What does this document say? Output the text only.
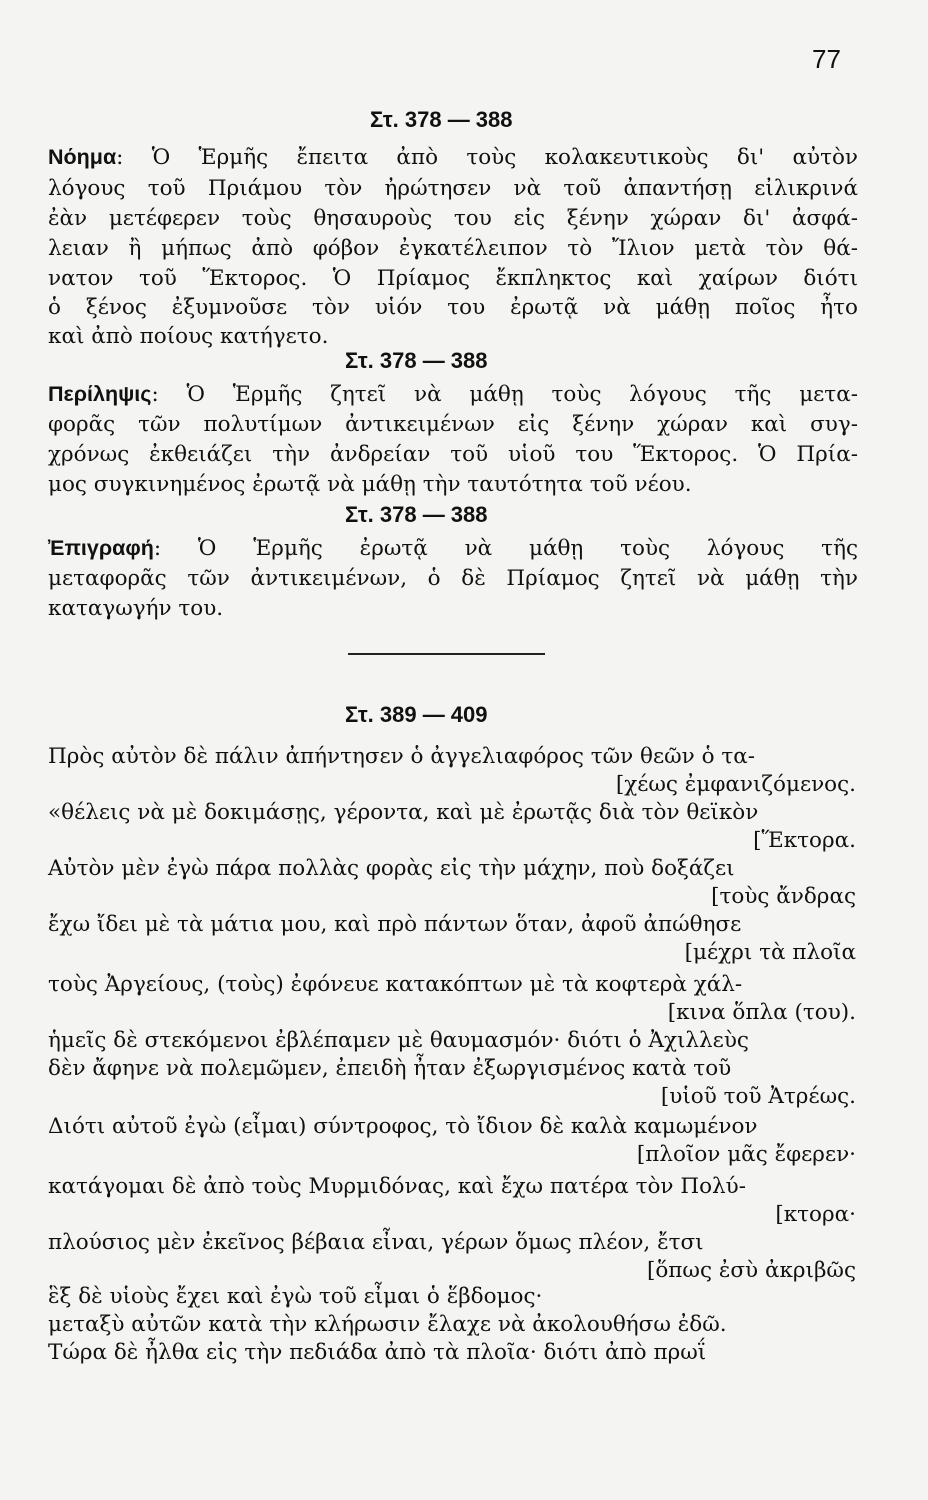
77
Στ. 378 — 388
Νόημα: Ὁ Ἑρμῆς ἔπειτα ἀπὸ τοὺς κολακευτικοὺς δι' αὐτὸν
λόγους τοῦ Πριάμου τὸν ἠρώτησεν νὰ τοῦ ἀπαντήσῃ εἰλικρινά
ἐὰν μετέφερεν τοὺς θησαυροὺς του εἰς ξένην χώραν δι' ἀσφά-
λειαν ἢ μήπως ἀπὸ φόβον ἐγκατέλειπον τὸ Ἴλιον μετὰ τὸν θά-
νατον τοῦ Ἕκτορος. Ὁ Πρίαμος ἔκπληκτος καὶ χαίρων διότι
ὁ ξένος ἐξυμνοῦσε τὸν υἱόν του ἐρωτᾷ νὰ μάθῃ ποῖος ἦτο
καὶ ἀπὸ ποίους κατήγετο.
Στ. 378 — 388
Περίληψις: Ὁ Ἑρμῆς ζητεῖ νὰ μάθῃ τοὺς λόγους τῆς μετα-
φορᾶς τῶν πολυτίμων ἀντικειμένων εἰς ξένην χώραν καὶ συγ-
χρόνως ἐκθειάζει τὴν ἀνδρείαν τοῦ υἱοῦ του Ἕκτορος. Ὁ Πρία-
μος συγκινημένος ἐρωτᾷ νὰ μάθῃ τὴν ταυτότητα τοῦ νέου.
Στ. 378 — 388
Ἐπιγραφή: Ὁ Ἑρμῆς ἐρωτᾷ νὰ μάθῃ τοὺς λόγους τῆς
μεταφορᾶς τῶν ἀντικειμένων, ὁ δὲ Πρίαμος ζητεῖ νὰ μάθῃ τὴν
καταγωγήν του.
Στ. 389 — 409
Πρὸς αὐτὸν δὲ πάλιν ἀπήντησεν ὁ ἀγγελιαφόρος τῶν θεῶν ὁ τα-
[χέως ἐμφανιζόμενος.
«θέλεις νὰ μὲ δοκιμάσῃς, γέροντα, καὶ μὲ ἐρωτᾷς διὰ τὸν θεϊκὸν
[Ἕκτορα.
Αὐτὸν μὲν ἐγὼ πάρα πολλὰς φορὰς εἰς τὴν μάχην, ποὺ δοξάζει
[τοὺς ἄνδρας
ἔχω ἴδει μὲ τὰ μάτια μου, καὶ πρὸ πάντων ὅταν, ἀφοῦ ἀπώθησε
[μέχρι τὰ πλοῖα
τοὺς Ἀργείους, (τοὺς) ἐφόνευε κατακόπτων μὲ τὰ κοφτερὰ χάλ-
[κινα ὅπλα (του).
ἡμεῖς δὲ στεκόμενοι ἐβλέπαμεν μὲ θαυμασμόν· διότι ὁ Ἀχιλλεὺς
δὲν ἄφηνε νὰ πολεμῶμεν, ἐπειδὴ ἦταν ἐξωργισμένος κατὰ τοῦ
[υἱοῦ τοῦ Ἀτρέως.
Διότι αὐτοῦ ἐγὼ (εἶμαι) σύντροφος, τὸ ἴδιον δὲ καλὰ καμωμένον
[πλοῖον μᾶς ἔφερεν·
κατάγομαι δὲ ἀπὸ τοὺς Μυρμιδόνας, καὶ ἔχω πατέρα τὸν Πολύ-
[κτορα·
πλούσιος μὲν ἐκεῖνος βέβαια εἶναι, γέρων ὅμως πλέον, ἔτσι
[ὅπως ἐσὺ ἀκριβῶς
ἓξ δὲ υἱοὺς ἔχει καὶ ἐγὼ τοῦ εἶμαι ὁ ἕβδομος·
μεταξὺ αὐτῶν κατὰ τὴν κλήρωσιν ἔλαχε νὰ ἀκολουθήσω ἐδῶ.
Τώρα δὲ ἦλθα εἰς τὴν πεδιάδα ἀπὸ τὰ πλοῖα· διότι ἀπὸ πρωΐ
